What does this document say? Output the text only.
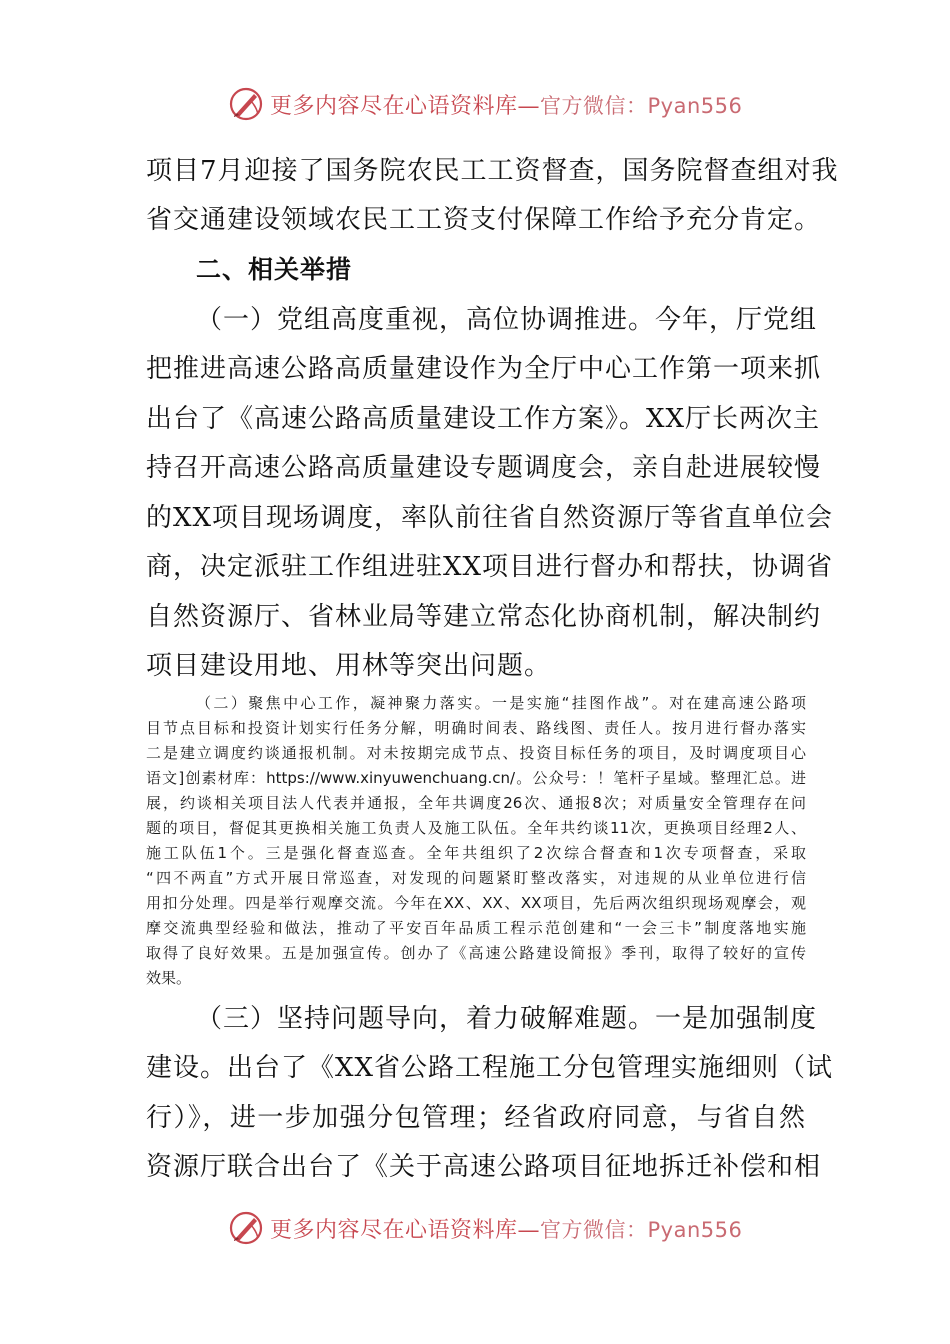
更多内容尽在心语资料库—官方微信：Pyan556
项目7月迎接了国务院农民工工资督查，国务院督查组对我
省交通建设领域农民工工资支付保障工作给予充分肯定。
二、相关举措
（一）党组高度重视，高位协调推进。今年，厅党组
把推进高速公路高质量建设作为全厅中心工作第一项来抓
出台了《高速公路高质量建设工作方案》。XX厅长两次主
持召开高速公路高质量建设专题调度会，亲自赴进展较慢
的XX项目现场调度，率队前往省自然资源厅等省直单位会
商，决定派驻工作组进驻XX项目进行督办和帮扶，协调省
自然资源厅、省林业局等建立常态化协商机制，解决制约
项目建设用地、用林等突出问题。
（二）聚焦中心工作，凝神聚力落实。一是实施“挂图作战”。对在建高速公路项
目节点目标和投资计划实行任务分解，明确时间表、路线图、责任人。按月进行督办落实
二是建立调度约谈通报机制。对未按期完成节点、投资目标任务的项目，及时调度项目心
语文]创素材库：https://www.xinyuwenchuang.cn/。公众号：！笔杆子星域。整理汇总。进
展，约谈相关项目法人代表并通报，全年共调度26次、通报8次；对质量安全管理存在问
题的项目，督促其更换相关施工负责人及施工队伍。全年共约谈11次，更换项目经理2人、
施工队伍1个。三是强化督查巡查。全年共组织了2次综合督查和1次专项督查，采取
“四不两直”方式开展日常巡查，对发现的问题紧盯整改落实，对违规的从业单位进行信
用扣分处理。四是举行观摩交流。今年在XX、XX、XX项目，先后两次组织现场观摩会，观
摩交流典型经验和做法，推动了平安百年品质工程示范创建和“一会三卡”制度落地实施
取得了良好效果。五是加强宣传。创办了《高速公路建设简报》季刊，取得了较好的宣传
效果。
（三）坚持问题导向，着力破解难题。一是加强制度
建设。出台了《XX省公路工程施工分包管理实施细则（试
行）》，进一步加强分包管理；经省政府同意，与省自然
资源厅联合出台了《关于高速公路项目征地拆迁补偿和相
更多内容尽在心语资料库—官方微信：Pyan556
